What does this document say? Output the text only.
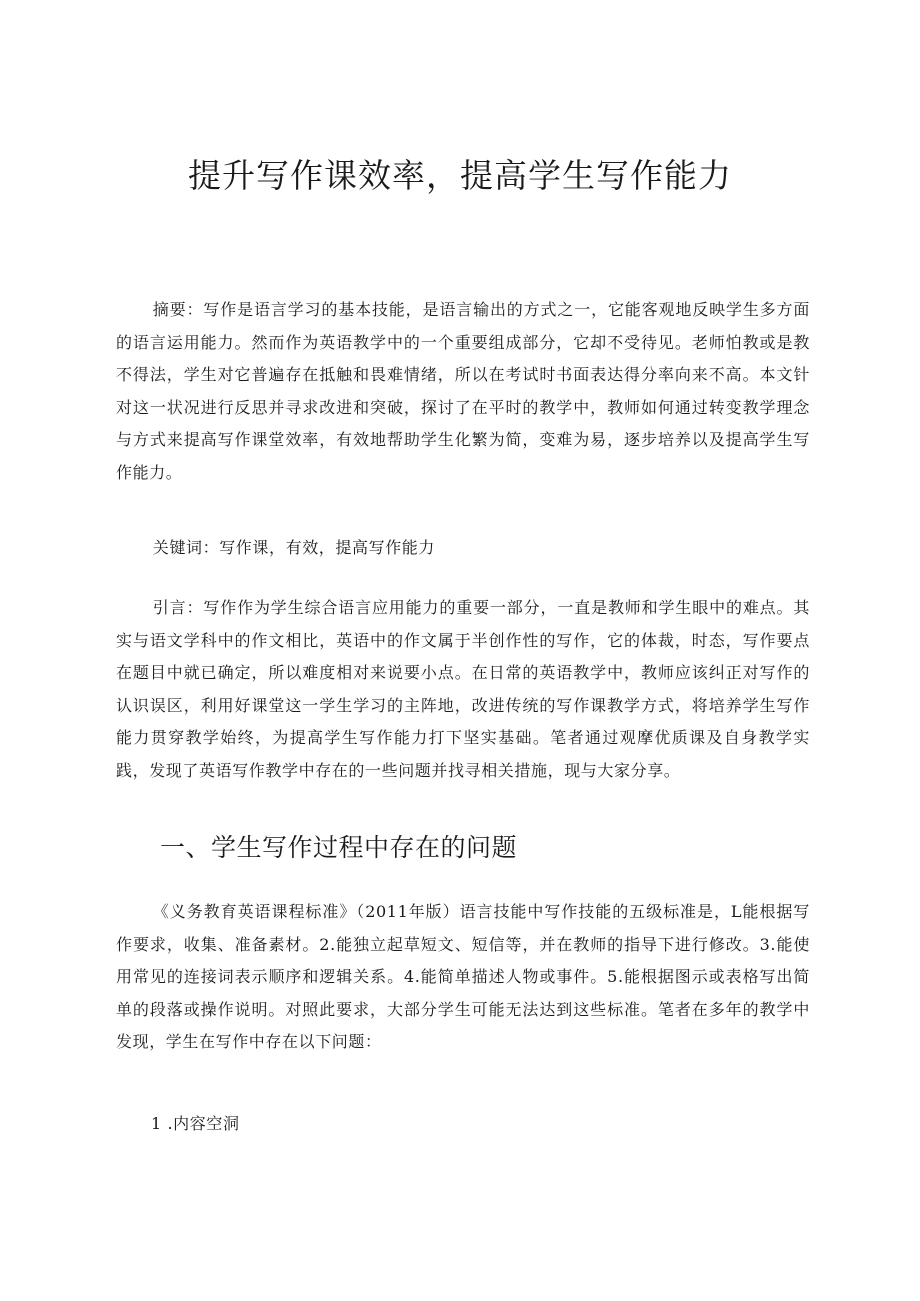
提升写作课效率，提高学生写作能力

摘要：写作是语言学习的基本技能，是语言输出的方式之一，它能客观地反映学生多方面的语言运用能力。然而作为英语教学中的一个重要组成部分，它却不受待见。老师怕教或是教不得法，学生对它普遍存在抵触和畏难情绪，所以在考试时书面表达得分率向来不高。本文针对这一状况进行反思并寻求改进和突破，探讨了在平时的教学中，教师如何通过转变教学理念与方式来提高写作课堂效率，有效地帮助学生化繁为简，变难为易，逐步培养以及提高学生写作能力。

关键词：写作课，有效，提高写作能力

引言：写作作为学生综合语言应用能力的重要一部分，一直是教师和学生眼中的难点。其实与语文学科中的作文相比，英语中的作文属于半创作性的写作，它的体裁，时态，写作要点在题目中就已确定，所以难度相对来说要小点。在日常的英语教学中，教师应该纠正对写作的认识误区，利用好课堂这一学生学习的主阵地，改进传统的写作课教学方式，将培养学生写作能力贯穿教学始终，为提高学生写作能力打下坚实基础。笔者通过观摩优质课及自身教学实践，发现了英语写作教学中存在的一些问题并找寻相关措施，现与大家分享。

一、学生写作过程中存在的问题

《义务教育英语课程标准》（2011年版）语言技能中写作技能的五级标准是，L能根据写作要求，收集、准备素材。2.能独立起草短文、短信等，并在教师的指导下进行修改。3.能使用常见的连接词表示顺序和逻辑关系。4.能简单描述人物或事件。5.能根据图示或表格写出简单的段落或操作说明。对照此要求，大部分学生可能无法达到这些标准。笔者在多年的教学中发现，学生在写作中存在以下问题：

1 .内容空洞
